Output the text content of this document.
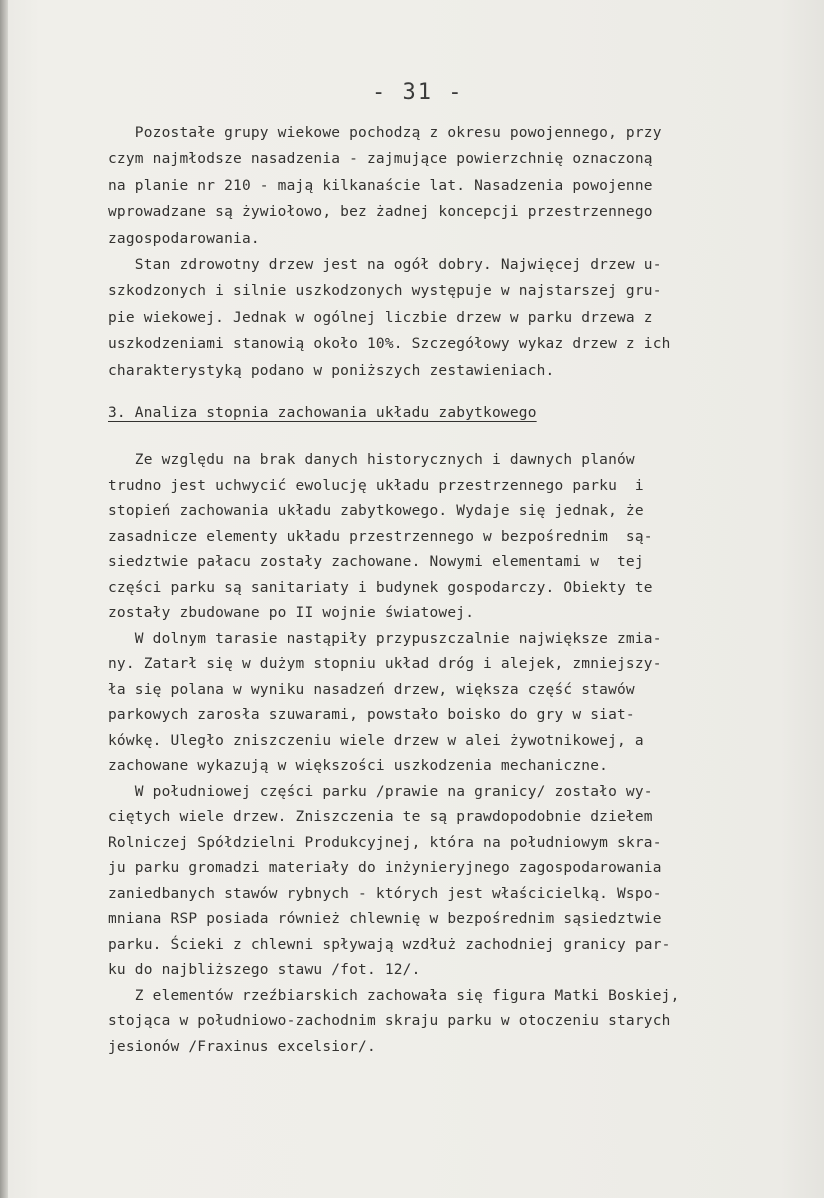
- 31 -
Pozostałe grupy wiekowe pochodzą z okresu powojennego, przy
czym najmłodsze nasadzenia - zajmujące powierzchnię oznaczoną
na planie nr 210 - mają kilkanaście lat. Nasadzenia powojenne
wprowadzane są żywiołowo, bez żadnej koncepcji przestrzennego
zagospodarowania.
Stan zdrowotny drzew jest na ogół dobry. Najwięcej drzew u-
szkodzonych i silnie uszkodzonych występuje w najstarszej gru-
pie wiekowej. Jednak w ogólnej liczbie drzew w parku drzewa z
uszkodzeniami stanowią około 10%. Szczegółowy wykaz drzew z ich
charakterystyką podano w poniższych zestawieniach.
3. Analiza stopnia zachowania układu zabytkowego
Ze względu na brak danych historycznych i dawnych planów
trudno jest uchwycić ewolucję układu przestrzennego parku  i
stopień zachowania układu zabytkowego. Wydaje się jednak, że
zasadnicze elementy układu przestrzennego w bezpośrednim  są-
siedztwie pałacu zostały zachowane. Nowymi elementami w  tej
części parku są sanitariaty i budynek gospodarczy. Obiekty te
zostały zbudowane po II wojnie światowej.
W dolnym tarasie nastąpiły przypuszczalnie największe zmia-
ny. Zatarł się w dużym stopniu układ dróg i alejek, zmniejszy-
ła się polana w wyniku nasadzeń drzew, większa część stawów
parkowych zarosła szuwarami, powstało boisko do gry w siat-
kówkę. Uległo zniszczeniu wiele drzew w alei żywotnikowej, a
zachowane wykazują w większości uszkodzenia mechaniczne.
W południowej części parku /prawie na granicy/ zostało wy-
ciętych wiele drzew. Zniszczenia te są prawdopodobnie dziełem
Rolniczej Spółdzielni Produkcyjnej, która na południowym skra-
ju parku gromadzi materiały do inżynieryjnego zagospodarowania
zaniedbanych stawów rybnych - których jest właścicielką. Wspo-
mniana RSP posiada również chlewnię w bezpośrednim sąsiedztwie
parku. Ścieki z chlewni spływają wzdłuż zachodniej granicy par-
ku do najbliższego stawu /fot. 12/.
Z elementów rzeźbiarskich zachowała się figura Matki Boskiej,
stojąca w południowo-zachodnim skraju parku w otoczeniu starych
jesionów /Fraxinus excelsior/.
